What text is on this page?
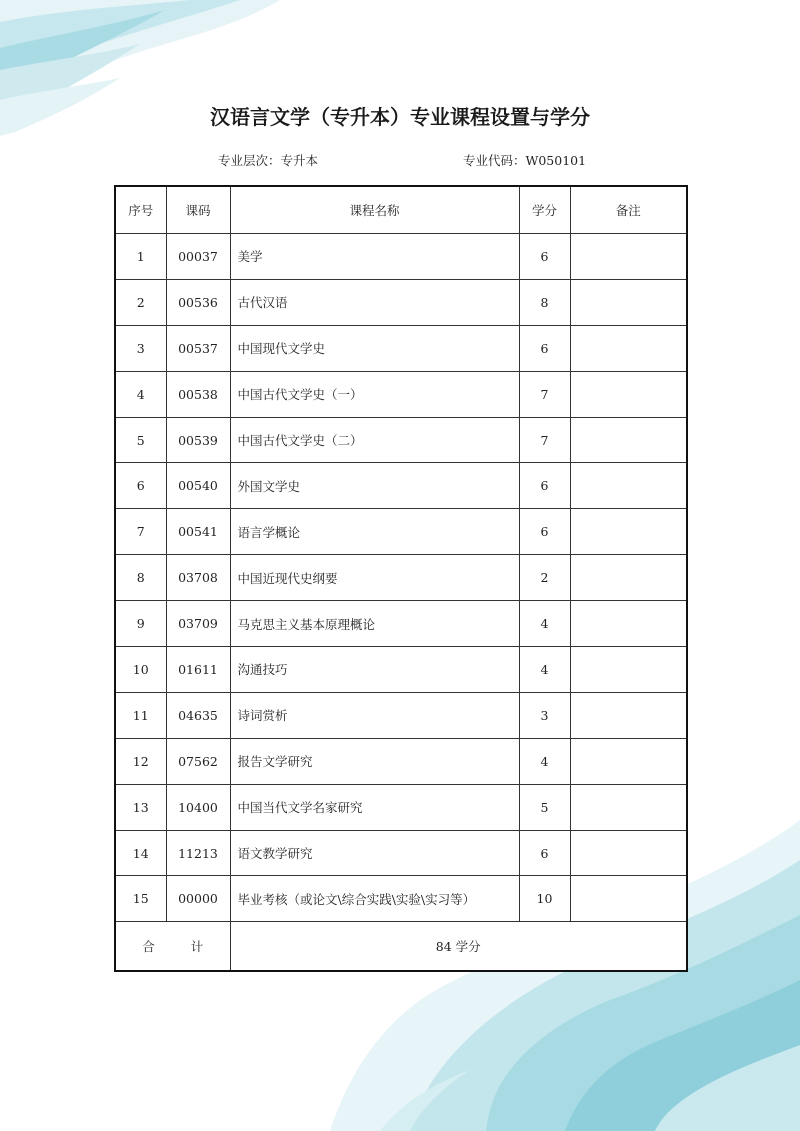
汉语言文学（专升本）专业课程设置与学分
专业层次：专升本	专业代码：W050101
序号	课码	课程名称	学分	备注
1	00037	美学	6	
2	00536	古代汉语	8	
3	00537	中国现代文学史	6	
4	00538	中国古代文学史（一）	7	
5	00539	中国古代文学史（二）	7	
6	00540	外国文学史	6	
7	00541	语言学概论	6	
8	03708	中国近现代史纲要	2	
9	03709	马克思主义基本原理概论	4	
10	01611	沟通技巧	4	
11	04635	诗词赏析	3	
12	07562	报告文学研究	4	
13	10400	中国当代文学名家研究	5	
14	11213	语文教学研究	6	
15	00000	毕业考核（或论文\综合实践\实验\实习等）	10	
合 计		84 学分		
